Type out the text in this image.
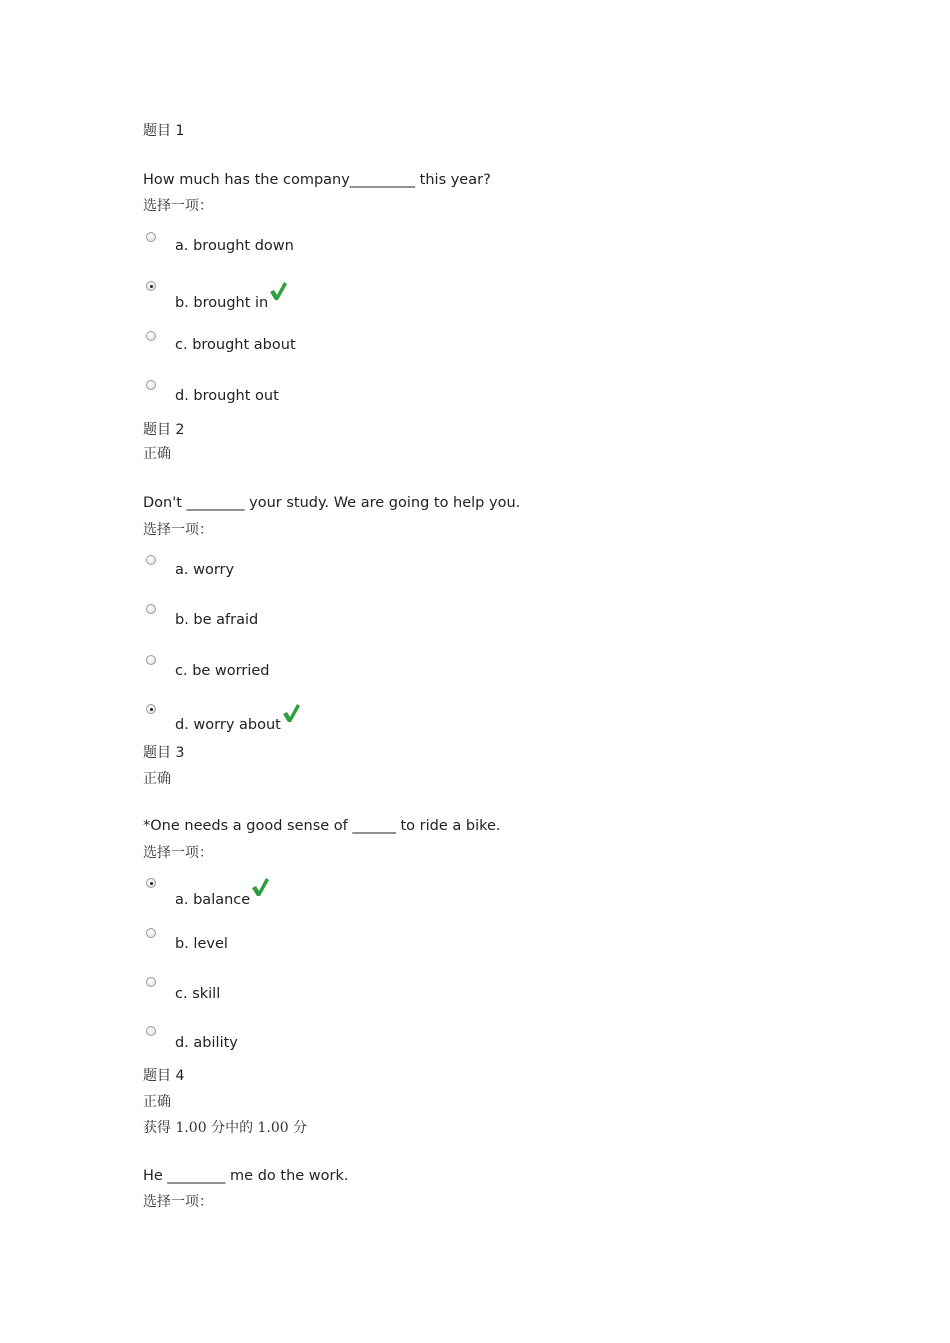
题目 1
How much has the company_________ this year?
选择一项：
a. brought down
b. brought in
c. brought about
d. brought out
题目 2
正确
Don't ________ your study. We are going to help you.
选择一项：
a. worry
b. be afraid
c. be worried
d. worry about
题目 3
正确
*One needs a good sense of ______ to ride a bike.
选择一项：
a. balance
b. level
c. skill
d. ability
题目 4
正确
获得 1.00 分中的 1.00 分
He ________ me do the work.
选择一项：
